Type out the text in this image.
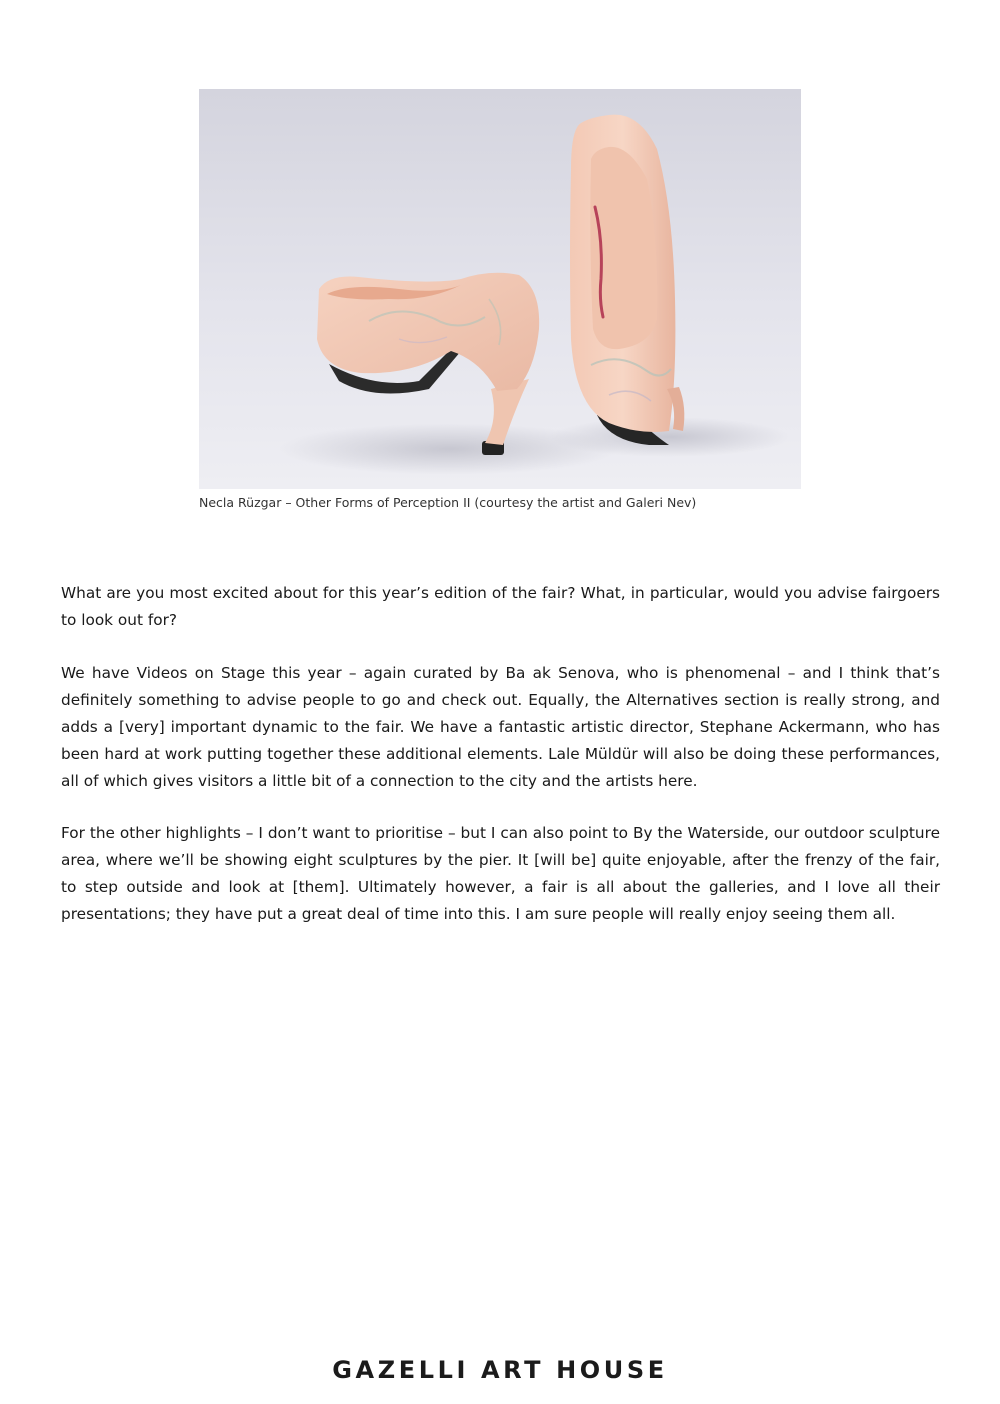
Necla Rüzgar – Other Forms of Perception II (courtesy the artist and Galeri Nev)

What are you most excited about for this year’s edition of the fair? What, in particular, would you advise fairgoers to look out for?

We have Videos on Stage this year – again curated by Ba ak Senova, who is phenomenal – and I think that’s definitely something to advise people to go and check out. Equally, the Alternatives section is really strong, and adds a [very] important dynamic to the fair. We have a fantastic artistic director, Stephane Ackermann, who has been hard at work putting together these additional elements. Lale Müldür will also be doing these performances, all of which gives visitors a little bit of a connection to the city and the artists here.

For the other highlights – I don’t want to prioritise – but I can also point to By the Waterside, our outdoor sculpture area, where we’ll be showing eight sculptures by the pier. It [will be] quite enjoyable, after the frenzy of the fair, to step outside and look at [them]. Ultimately however, a fair is all about the galleries, and I love all their presentations; they have put a great deal of time into this. I am sure people will really enjoy seeing them all.

GAZELLI ART HOUSE
